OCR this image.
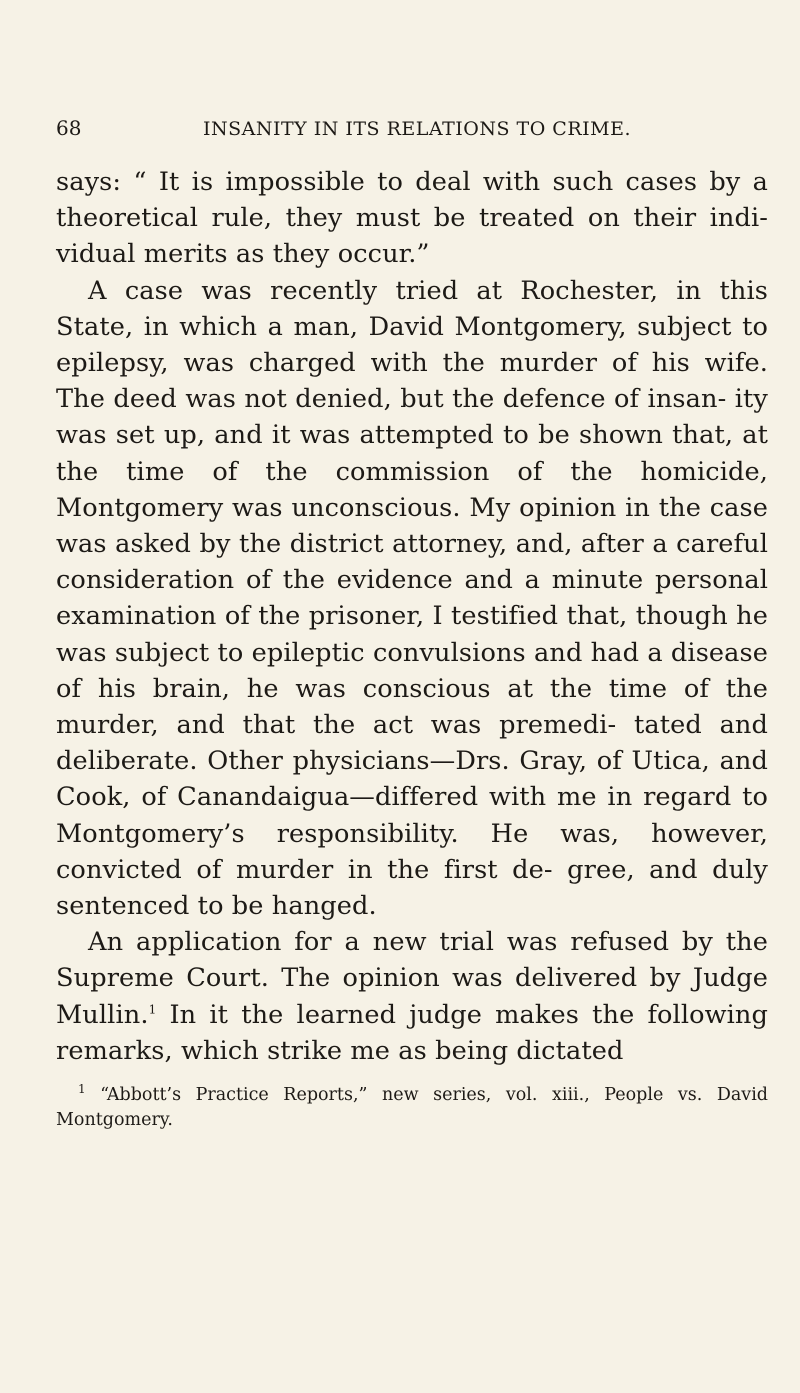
68	INSANITY IN ITS RELATIONS TO CRIME.

says: “ It is impossible to deal with such cases by a theoretical rule, they must be treated on their indi- vidual merits as they occur.”

A case was recently tried at Rochester, in this State, in which a man, David Montgomery, subject to epilepsy, was charged with the murder of his wife. The deed was not denied, but the defence of insan- ity was set up, and it was attempted to be shown that, at the time of the commission of the homicide, Montgomery was unconscious. My opinion in the case was asked by the district attorney, and, after a careful consideration of the evidence and a minute personal examination of the prisoner, I testified that, though he was subject to epileptic convulsions and had a disease of his brain, he was conscious at the time of the murder, and that the act was premedi- tated and deliberate. Other physicians—Drs. Gray, of Utica, and Cook, of Canandaigua—differed with me in regard to Montgomery’s responsibility. He was, however, convicted of murder in the first de- gree, and duly sentenced to be hanged.

An application for a new trial was refused by the Supreme Court. The opinion was delivered by Judge Mullin.$^1$ In it the learned judge makes the following remarks, which strike me as being dictated

$^1$ “Abbott’s Practice Reports,” new series, vol. xiii., People vs. David Montgomery.
